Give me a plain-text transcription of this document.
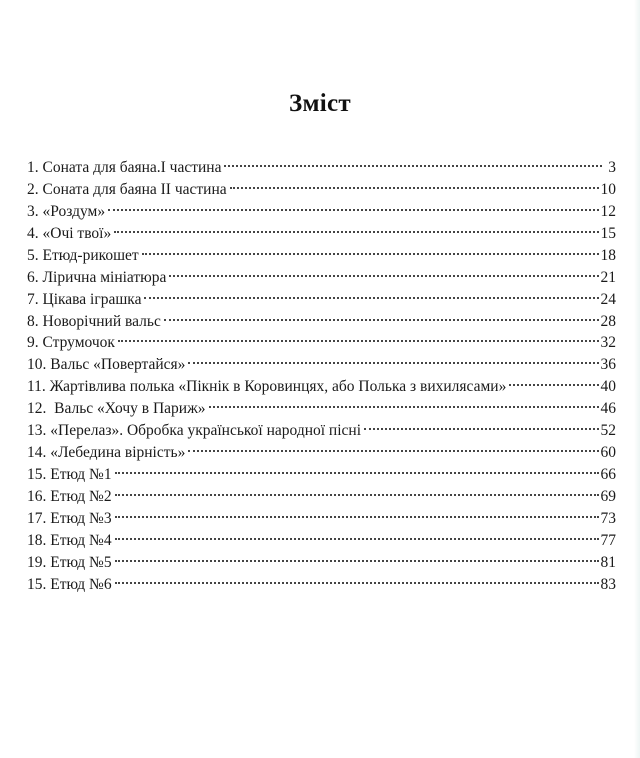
Зміст
1. Соната для баяна.I частина	3
2. Соната для баяна II частина	10
3. «Роздум»	12
4. «Очі твої»	15
5. Етюд-рикошет	18
6. Лірична мініатюра	21
7. Цікава іграшка	24
8. Новорічний вальс	28
9. Струмочок	32
10. Вальс «Повертайся»	36
11. Жартівлива полька «Пікнік в Коровинцях, або Полька з вихилясами»	40
12.  Вальс «Хочу в Париж»	46
13. «Перелаз». Обробка української народної пісні	52
14. «Лебедина вірність»	60
15. Етюд №1	66
16. Етюд №2	69
17. Етюд №3	73
18. Етюд №4	77
19. Етюд №5	81
15. Етюд №6	83
